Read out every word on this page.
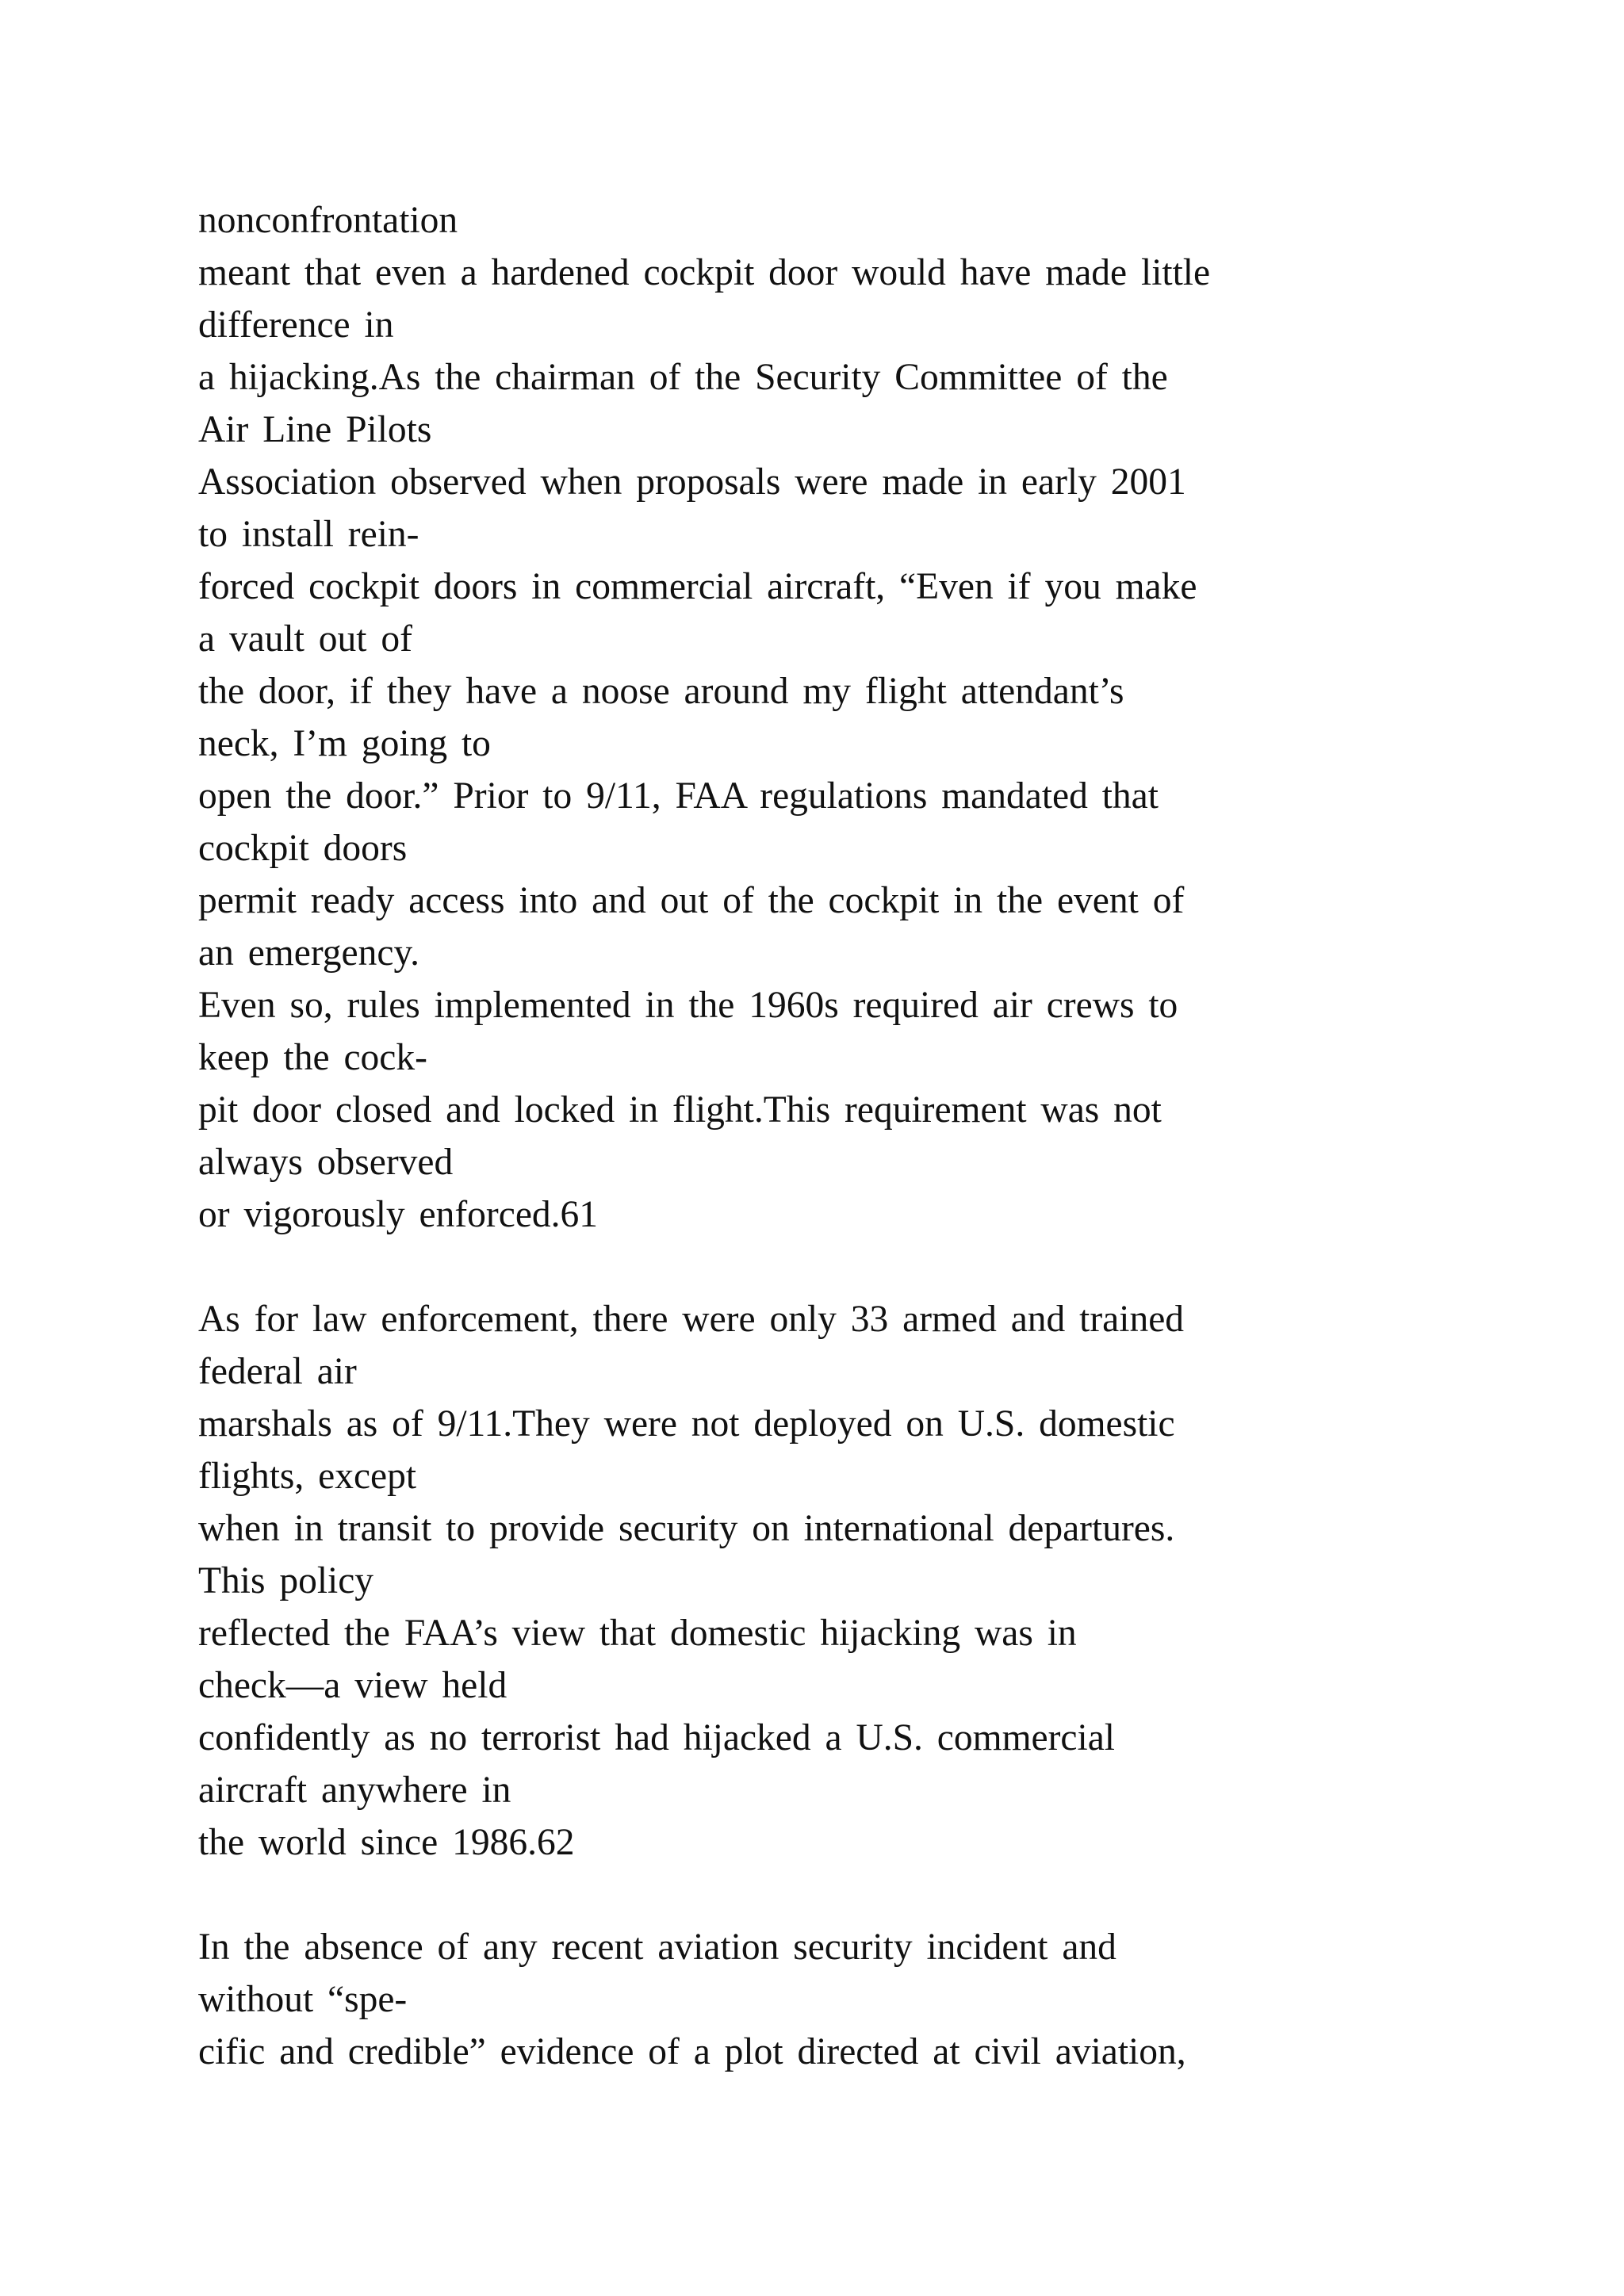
nonconfrontation
meant that even a hardened cockpit door would have made little
difference in
a hijacking.As the chairman of the Security Committee of the
Air Line Pilots
Association observed when proposals were made in early 2001
to install rein-
forced cockpit doors in commercial aircraft, “Even if you make
a vault out of
the door, if they have a noose around my flight attendant’s
neck, I’m going to
open the door.” Prior to 9/11, FAA regulations mandated that
cockpit doors
permit ready access into and out of the cockpit in the event of
an emergency.
Even so, rules implemented in the 1960s required air crews to
keep the cock-
pit door closed and locked in flight.This requirement was not
always observed
or vigorously enforced.61
As for law enforcement, there were only 33 armed and trained
federal air
marshals as of 9/11.They were not deployed on U.S. domestic
flights, except
when in transit to provide security on international departures.
This policy
reflected the FAA’s view that domestic hijacking was in
check—a view held
confidently as no terrorist had hijacked a U.S. commercial
aircraft anywhere in
the world since 1986.62
In the absence of any recent aviation security incident and
without “spe-
cific and credible” evidence of a plot directed at civil aviation,
